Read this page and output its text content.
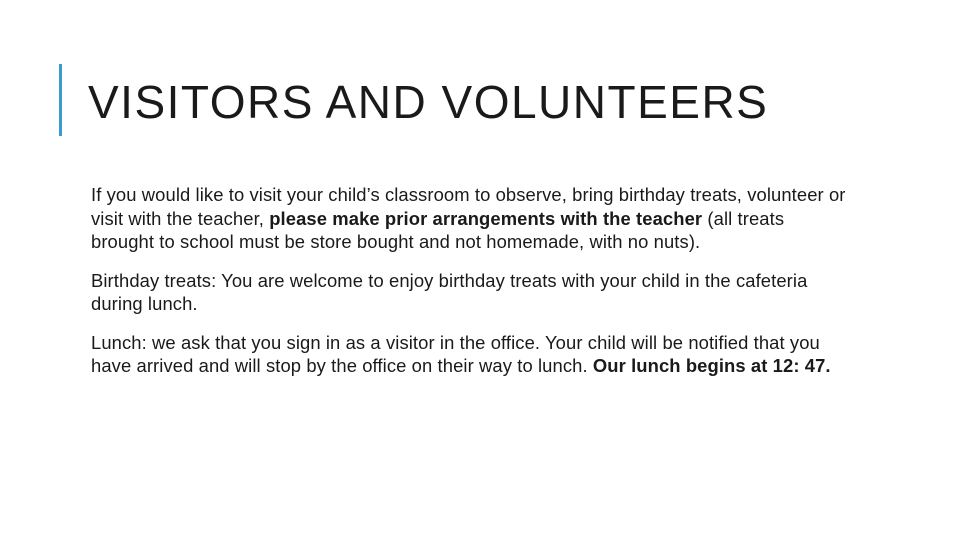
VISITORS AND VOLUNTEERS

If you would like to visit your child’s classroom to observe, bring birthday treats, volunteer or visit with the teacher, please make prior arrangements with the teacher (all treats brought to school must be store bought and not homemade, with no nuts).

Birthday treats: You are welcome to enjoy birthday treats with your child in the cafeteria during lunch.

Lunch: we ask that you sign in as a visitor in the office. Your child will be notified that you have arrived and will stop by the office on their way to lunch. Our lunch begins at 12: 47.
